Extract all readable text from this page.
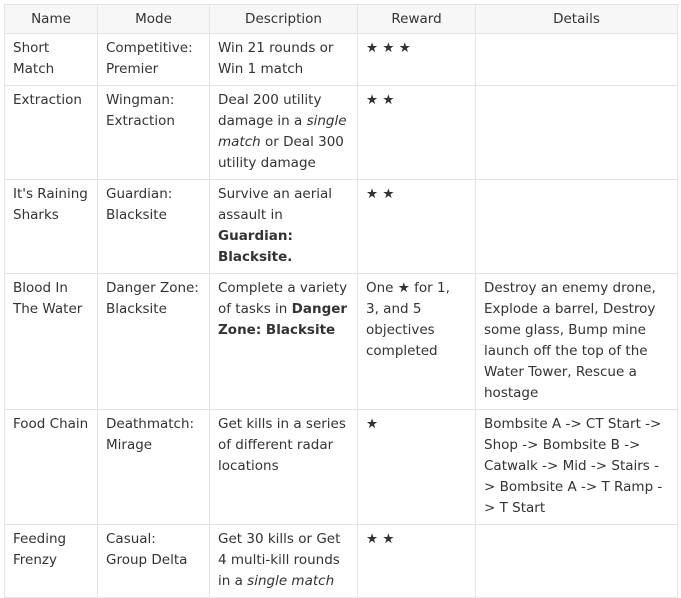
Name	Mode	Description	Reward	Details
Short Match	Competitive: Premier	Win 21 rounds or Win 1 match	★ ★ ★	
Extraction	Wingman: Extraction	Deal 200 utility damage in a single match or Deal 300 utility damage	★ ★	
It's Raining Sharks	Guardian: Blacksite	Survive an aerial assault in Guardian: Blacksite.	★ ★	
Blood In The Water	Danger Zone: Blacksite	Complete a variety of tasks in Danger Zone: Blacksite	One ★ for 1, 3, and 5 objectives completed	Destroy an enemy drone, Explode a barrel, Destroy some glass, Bump mine launch off the top of the Water Tower, Rescue a hostage
Food Chain	Deathmatch: Mirage	Get kills in a series of different radar locations	★	Bombsite A -> CT Start -> Shop -> Bombsite B -> Catwalk -> Mid -> Stairs -> Bombsite A -> T Ramp -> T Start
Feeding Frenzy	Casual: Group Delta	Get 30 kills or Get 4 multi-kill rounds in a single match	★ ★	
